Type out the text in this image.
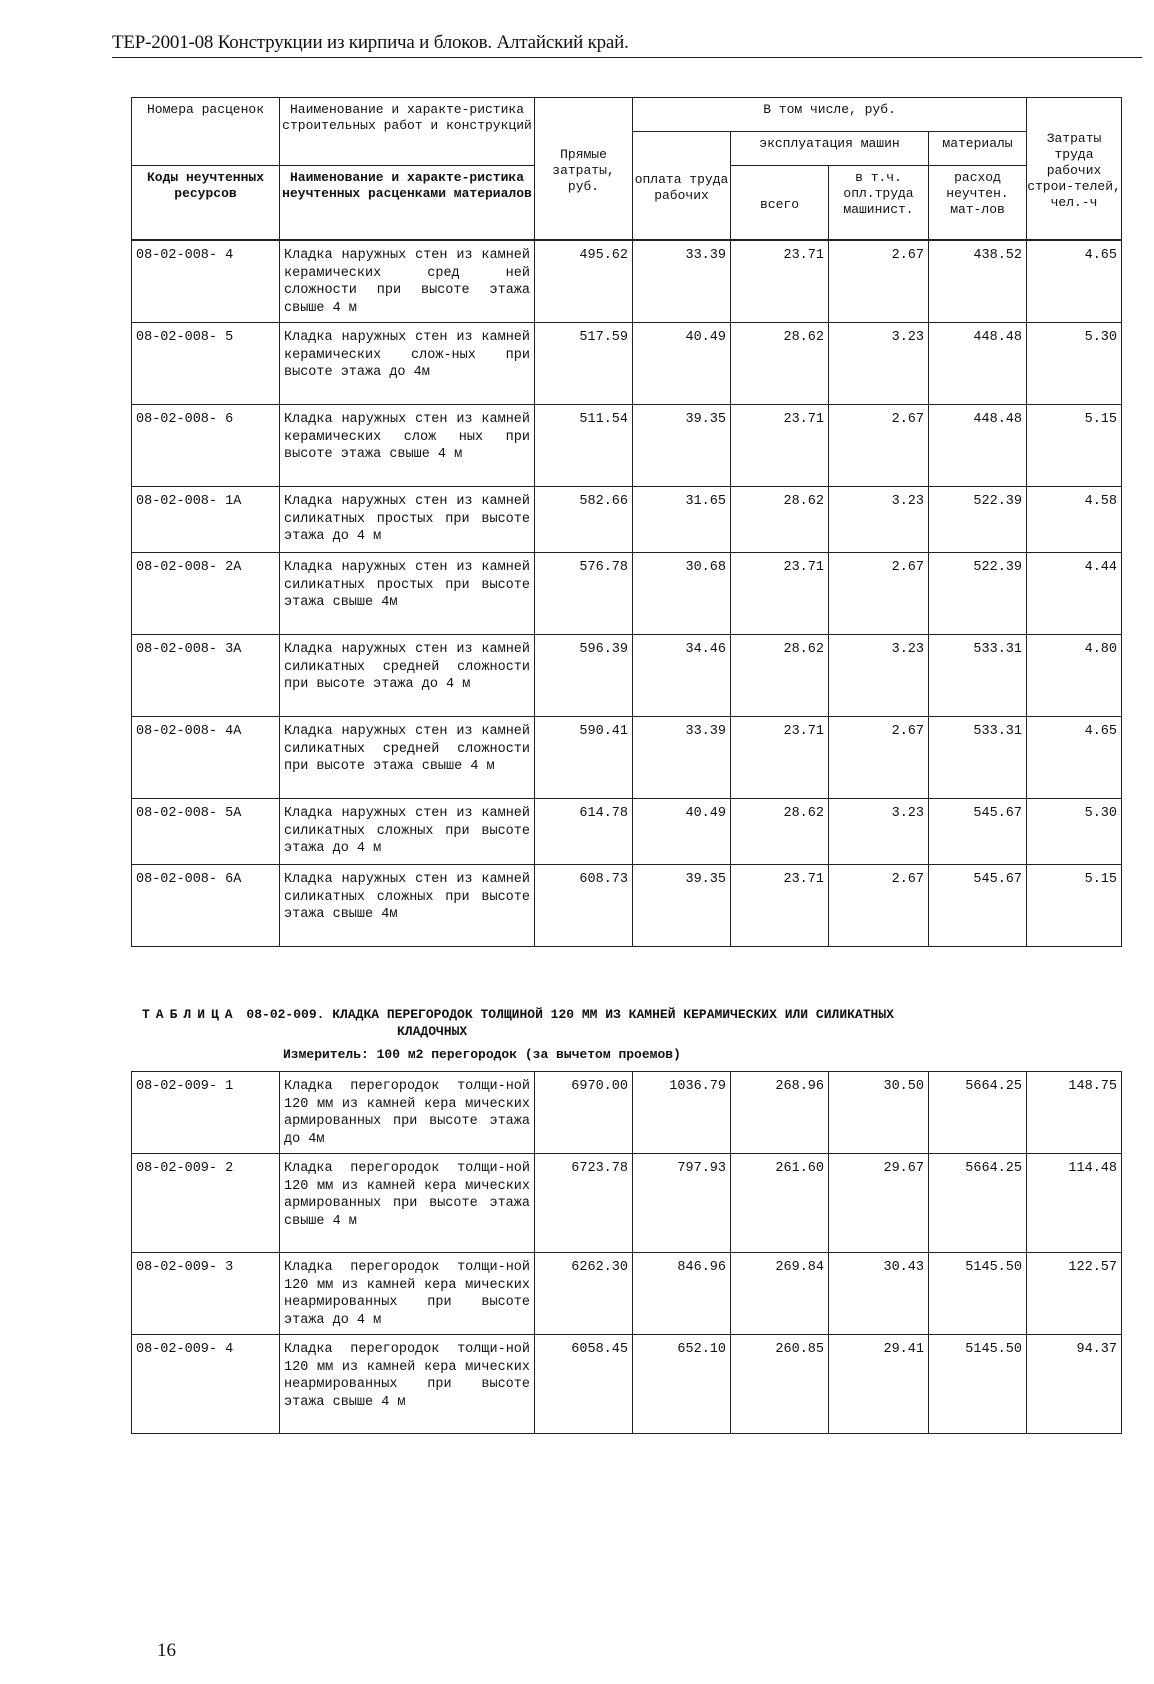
ТЕР-2001-08 Конструкции из кирпича и блоков. Алтайский край.
Номера расценок	Наименование и характе-ристика строительных работ и конструкций	Прямые затраты, руб.	В том числе, руб.				Затраты труда рабочих строи-телей, чел.-ч
			оплата труда рабочих	эксплуатация машин		материалы	
Коды неучтенных ресурсов	Наименование и характе-ристика неучтенных расценками материалов			всего	в т.ч. опл.труда машинист.	расход неучтен. мат-лов	

08-02-008- 4	Кладка наружных стен из камней керамических сред ней сложности при высоте этажа свыше 4 м	495.62	33.39	23.71	2.67	438.52	4.65
08-02-008- 5	Кладка наружных стен из камней керамических слож-ных при высоте этажа до 4м	517.59	40.49	28.62	3.23	448.48	5.30
08-02-008- 6	Кладка наружных стен из камней керамических слож ных при высоте этажа свыше 4 м	511.54	39.35	23.71	2.67	448.48	5.15
08-02-008- 1А	Кладка наружных стен из камней силикатных простых при высоте этажа до 4 м	582.66	31.65	28.62	3.23	522.39	4.58
08-02-008- 2А	Кладка наружных стен из камней силикатных простых при высоте этажа свыше 4м	576.78	30.68	23.71	2.67	522.39	4.44
08-02-008- 3А	Кладка наружных стен из камней силикатных средней сложности при высоте этажа до 4 м	596.39	34.46	28.62	3.23	533.31	4.80
08-02-008- 4А	Кладка наружных стен из камней силикатных средней сложности при высоте этажа свыше 4 м	590.41	33.39	23.71	2.67	533.31	4.65
08-02-008- 5А	Кладка наружных стен из камней силикатных сложных при высоте этажа до 4 м	614.78	40.49	28.62	3.23	545.67	5.30
08-02-008- 6А	Кладка наружных стен из камней силикатных сложных при высоте этажа свыше 4м	608.73	39.35	23.71	2.67	545.67	5.15
ТАБЛИЦА 08-02-009. КЛАДКА ПЕРЕГОРОДОК ТОЛЩИНОЙ 120 ММ ИЗ КАМНЕЙ КЕРАМИЧЕСКИХ ИЛИ СИЛИКАТНЫХ
КЛАДОЧНЫХ
Измеритель: 100 м2 перегородок (за вычетом проемов)
08-02-009- 1	Кладка перегородок толщи-ной 120 мм из камней кера мических армированных при высоте этажа до 4м	6970.00	1036.79	268.96	30.50	5664.25	148.75
08-02-009- 2	Кладка перегородок толщи-ной 120 мм из камней кера мических армированных при высоте этажа свыше 4 м	6723.78	797.93	261.60	29.67	5664.25	114.48
08-02-009- 3	Кладка перегородок толщи-ной 120 мм из камней кера мических неармированных при высоте этажа до 4 м	6262.30	846.96	269.84	30.43	5145.50	122.57
08-02-009- 4	Кладка перегородок толщи-ной 120 мм из камней кера мических неармированных при высоте этажа свыше 4 м	6058.45	652.10	260.85	29.41	5145.50	94.37
16
